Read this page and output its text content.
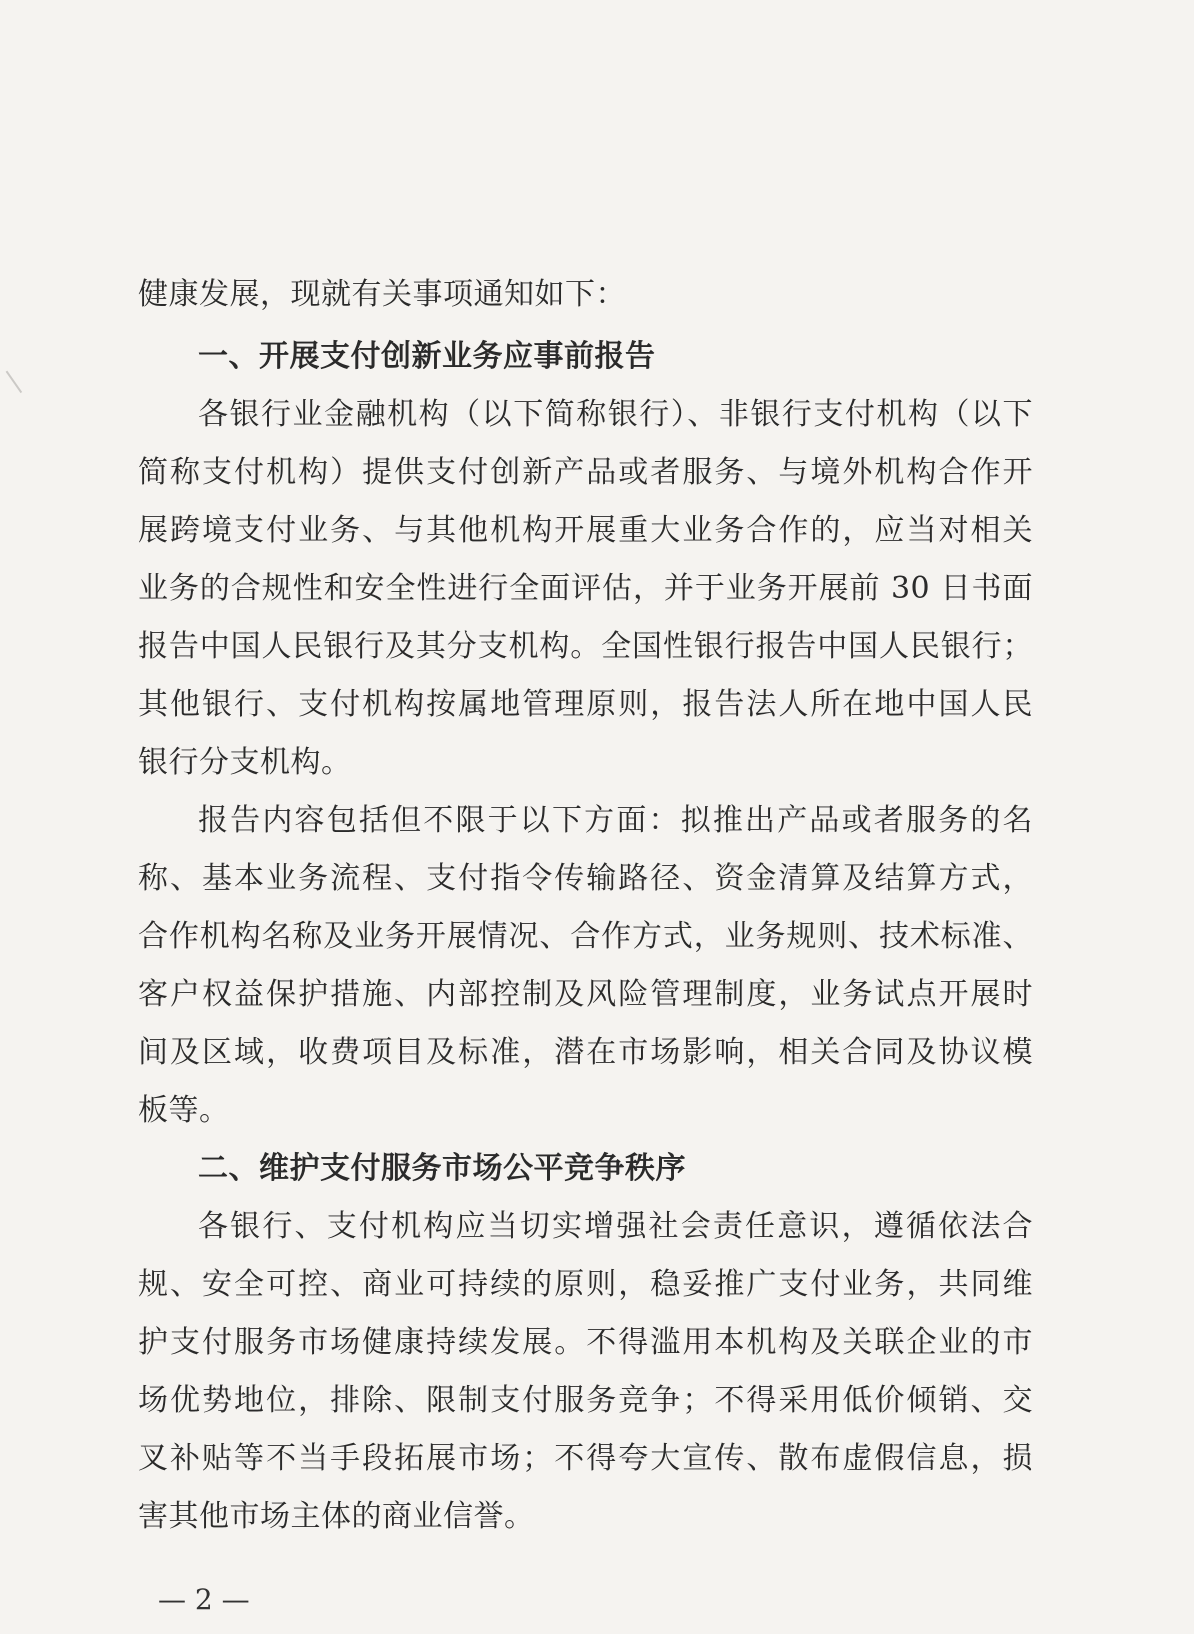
健康发展，现就有关事项通知如下：
一、开展支付创新业务应事前报告
各银行业金融机构（以下简称银行）、非银行支付机构（以下
简称支付机构）提供支付创新产品或者服务、与境外机构合作开
展跨境支付业务、与其他机构开展重大业务合作的，应当对相关
业务的合规性和安全性进行全面评估，并于业务开展前 30 日书面
报告中国人民银行及其分支机构。全国性银行报告中国人民银行；
其他银行、支付机构按属地管理原则，报告法人所在地中国人民
银行分支机构。
报告内容包括但不限于以下方面：拟推出产品或者服务的名
称、基本业务流程、支付指令传输路径、资金清算及结算方式，
合作机构名称及业务开展情况、合作方式，业务规则、技术标准、
客户权益保护措施、内部控制及风险管理制度，业务试点开展时
间及区域，收费项目及标准，潜在市场影响，相关合同及协议模
板等。
二、维护支付服务市场公平竞争秩序
各银行、支付机构应当切实增强社会责任意识，遵循依法合
规、安全可控、商业可持续的原则，稳妥推广支付业务，共同维
护支付服务市场健康持续发展。不得滥用本机构及关联企业的市
场优势地位，排除、限制支付服务竞争；不得采用低价倾销、交
叉补贴等不当手段拓展市场；不得夸大宣传、散布虚假信息，损
害其他市场主体的商业信誉。
— 2 —
